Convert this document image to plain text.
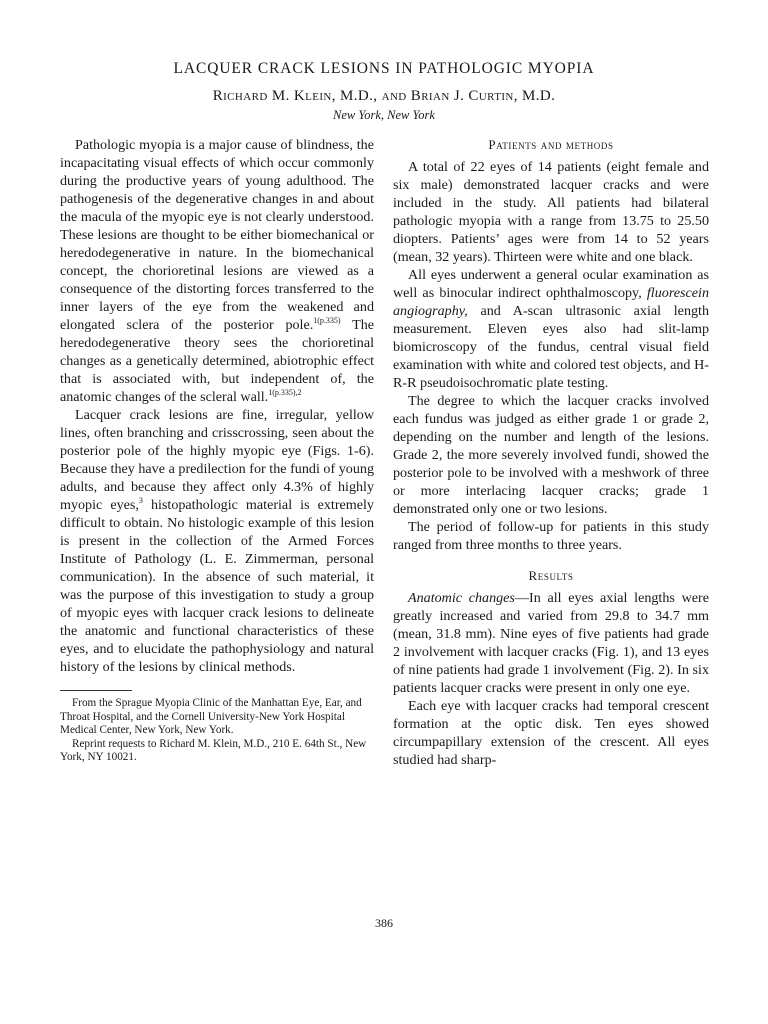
LACQUER CRACK LESIONS IN PATHOLOGIC MYOPIA
Richard M. Klein, M.D., and Brian J. Curtin, M.D.
New York, New York

Pathologic myopia is a major cause of blindness, the incapacitating visual effects of which occur commonly during the productive years of young adulthood. The pathogenesis of the degenerative changes in and about the macula of the myopic eye is not clearly understood. These lesions are thought to be either biomechanical or heredodegenerative in nature. In the biomechanical concept, the chorioretinal lesions are viewed as a consequence of the distorting forces transferred to the inner layers of the eye from the weakened and elongated sclera of the posterior pole.$^{1(p.335)}$ The heredodegenerative theory sees the chorioretinal changes as a genetically determined, abiotrophic effect that is associated with, but independent of, the anatomic changes of the scleral wall.$^{1(p.335),2}$

Lacquer crack lesions are fine, irregular, yellow lines, often branching and crisscrossing, seen about the posterior pole of the highly myopic eye (Figs. 1-6). Because they have a predilection for the fundi of young adults, and because they affect only 4.3% of highly myopic eyes,$^3$ histopathologic material is extremely difficult to obtain. No histologic example of this lesion is present in the collection of the Armed Forces Institute of Pathology (L. E. Zimmerman, personal communication). In the absence of such material, it was the purpose of this investigation to study a group of myopic eyes with lacquer crack lesions to delineate the anatomic and functional characteristics of these eyes, and to elucidate the pathophysiology and natural history of the lesions by clinical methods.

From the Sprague Myopia Clinic of the Manhattan Eye, Ear, and Throat Hospital, and the Cornell University-New York Hospital Medical Center, New York, New York.

Reprint requests to Richard M. Klein, M.D., 210 E. 64th St., New York, NY 10021.

Patients and methods

A total of 22 eyes of 14 patients (eight female and six male) demonstrated lacquer cracks and were included in the study. All patients had bilateral pathologic myopia with a range from 13.75 to 25.50 diopters. Patients’ ages were from 14 to 52 years (mean, 32 years). Thirteen were white and one black.

All eyes underwent a general ocular examination as well as binocular indirect ophthalmoscopy, fluorescein angiography, and A-scan ultrasonic axial length measurement. Eleven eyes also had slit-lamp biomicroscopy of the fundus, central visual field examination with white and colored test objects, and H-R-R pseudoisochromatic plate testing.

The degree to which the lacquer cracks involved each fundus was judged as either grade 1 or grade 2, depending on the number and length of the lesions. Grade 2, the more severely involved fundi, showed the posterior pole to be involved with a meshwork of three or more interlacing lacquer cracks; grade 1 demonstrated only one or two lesions.

The period of follow-up for patients in this study ranged from three months to three years.

Results

Anatomic changes—In all eyes axial lengths were greatly increased and varied from 29.8 to 34.7 mm (mean, 31.8 mm). Nine eyes of five patients had grade 2 involvement with lacquer cracks (Fig. 1), and 13 eyes of nine patients had grade 1 involvement (Fig. 2). In six patients lacquer cracks were present in only one eye.

Each eye with lacquer cracks had temporal crescent formation at the optic disk. Ten eyes showed circumpapillary extension of the crescent. All eyes studied had sharp-

386
